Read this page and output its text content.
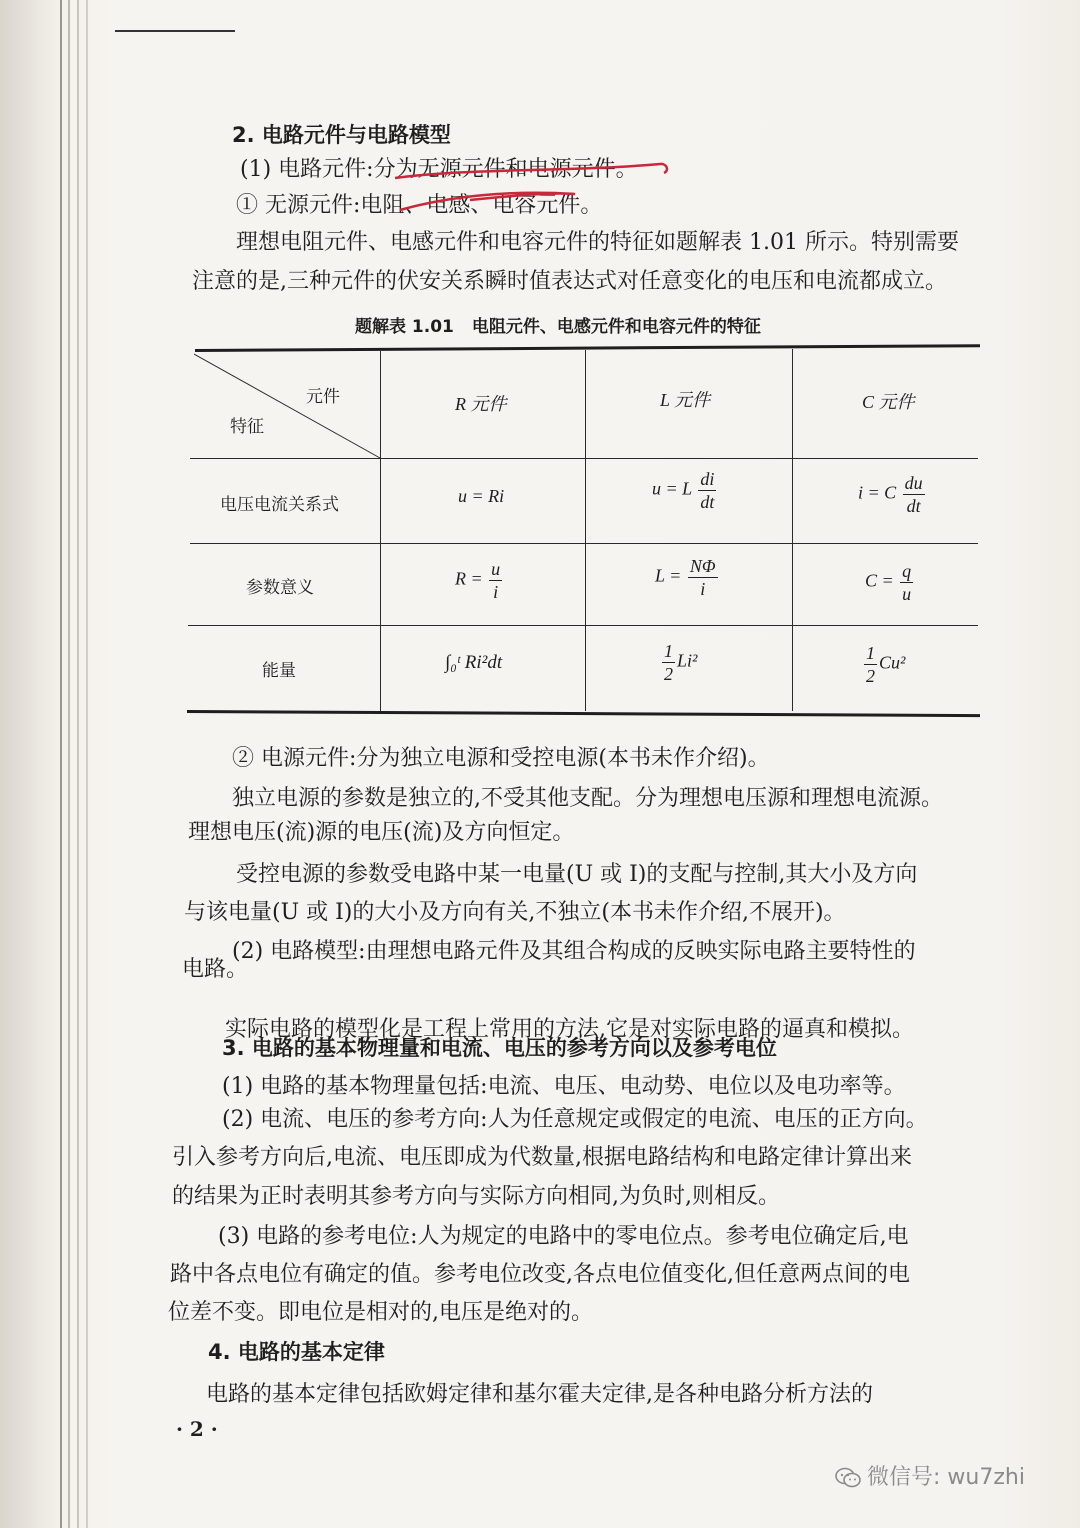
2. 电路元件与电路模型
(1) 电路元件:分为无源元件和电源元件。
① 无源元件:电阻、电感、电容元件。
理想电阻元件、电感元件和电容元件的特征如题解表 1.01 所示。特别需要
注意的是,三种元件的伏安关系瞬时值表达式对任意变化的电压和电流都成立。
题解表 1.01 电阻元件、电感元件和电容元件的特征
元件
特征
R 元件	L 元件	C 元件
电压电流关系式	u = Ri	u = L $\frac{di}{dt}$	i = C $\frac{du}{dt}$
参数意义	$R = \frac{u}{i}$	$L = \frac{N\Phi}{i}$	$C = \frac{q}{u}$
能量	∫₀ᵗ Ri²dt	$\frac{1}{2} Li^2$	$\frac{1}{2} Cu^2$
② 电源元件:分为独立电源和受控电源(本书未作介绍)。
独立电源的参数是独立的,不受其他支配。分为理想电压源和理想电流源。
理想电压(流)源的电压(流)及方向恒定。
受控电源的参数受电路中某一电量(U 或 I)的支配与控制,其大小及方向
与该电量(U 或 I)的大小及方向有关,不独立(本书未作介绍,不展开)。
(2) 电路模型:由理想电路元件及其组合构成的反映实际电路主要特性的
电路。
实际电路的模型化是工程上常用的方法,它是对实际电路的逼真和模拟。
3. 电路的基本物理量和电流、电压的参考方向以及参考电位
(1) 电路的基本物理量包括:电流、电压、电动势、电位以及电功率等。
(2) 电流、电压的参考方向:人为任意规定或假定的电流、电压的正方向。
引入参考方向后,电流、电压即成为代数量,根据电路结构和电路定律计算出来
的结果为正时表明其参考方向与实际方向相同,为负时,则相反。
(3) 电路的参考电位:人为规定的电路中的零电位点。参考电位确定后,电
路中各点电位有确定的值。参考电位改变,各点电位值变化,但任意两点间的电
位差不变。即电位是相对的,电压是绝对的。
4. 电路的基本定律
电路的基本定律包括欧姆定律和基尔霍夫定律,是各种电路分析方法的
· 2 ·
微信号: wu7zhi
